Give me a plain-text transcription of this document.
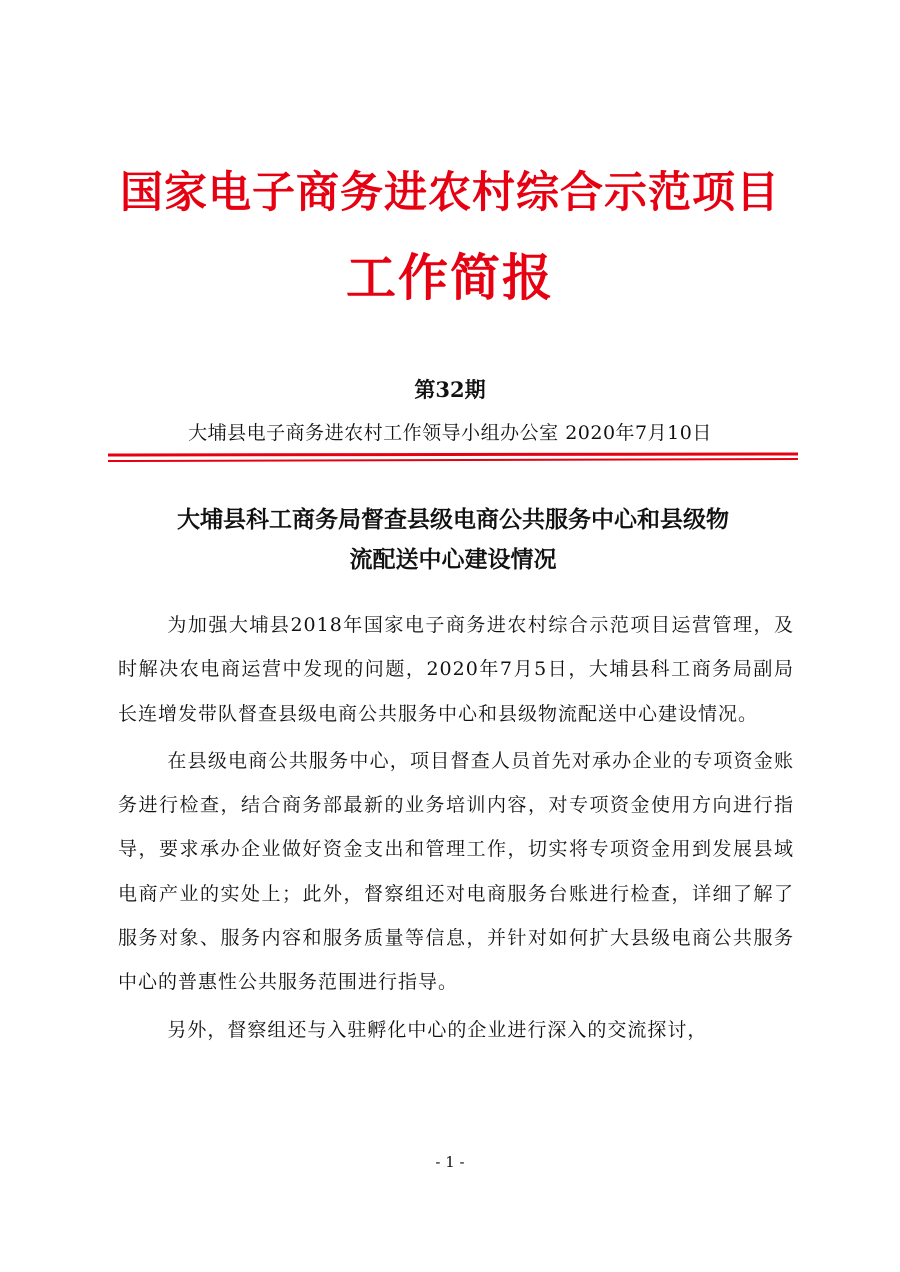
国家电子商务进农村综合示范项目
工作简报
第32期
大埔县电子商务进农村工作领导小组办公室 2020年7月10日
大埔县科工商务局督查县级电商公共服务中心和县级物
流配送中心建设情况

为加强大埔县2018年国家电子商务进农村综合示范项目运营管理，及时解决农电商运营中发现的问题，2020年7月5日，大埔县科工商务局副局长连增发带队督查县级电商公共服务中心和县级物流配送中心建设情况。

在县级电商公共服务中心，项目督查人员首先对承办企业的专项资金账务进行检查，结合商务部最新的业务培训内容，对专项资金使用方向进行指导，要求承办企业做好资金支出和管理工作，切实将专项资金用到发展县域电商产业的实处上；此外，督察组还对电商服务台账进行检查，详细了解了服务对象、服务内容和服务质量等信息，并针对如何扩大县级电商公共服务中心的普惠性公共服务范围进行指导。

另外，督察组还与入驻孵化中心的企业进行深入的交流探讨，

- 1 -
